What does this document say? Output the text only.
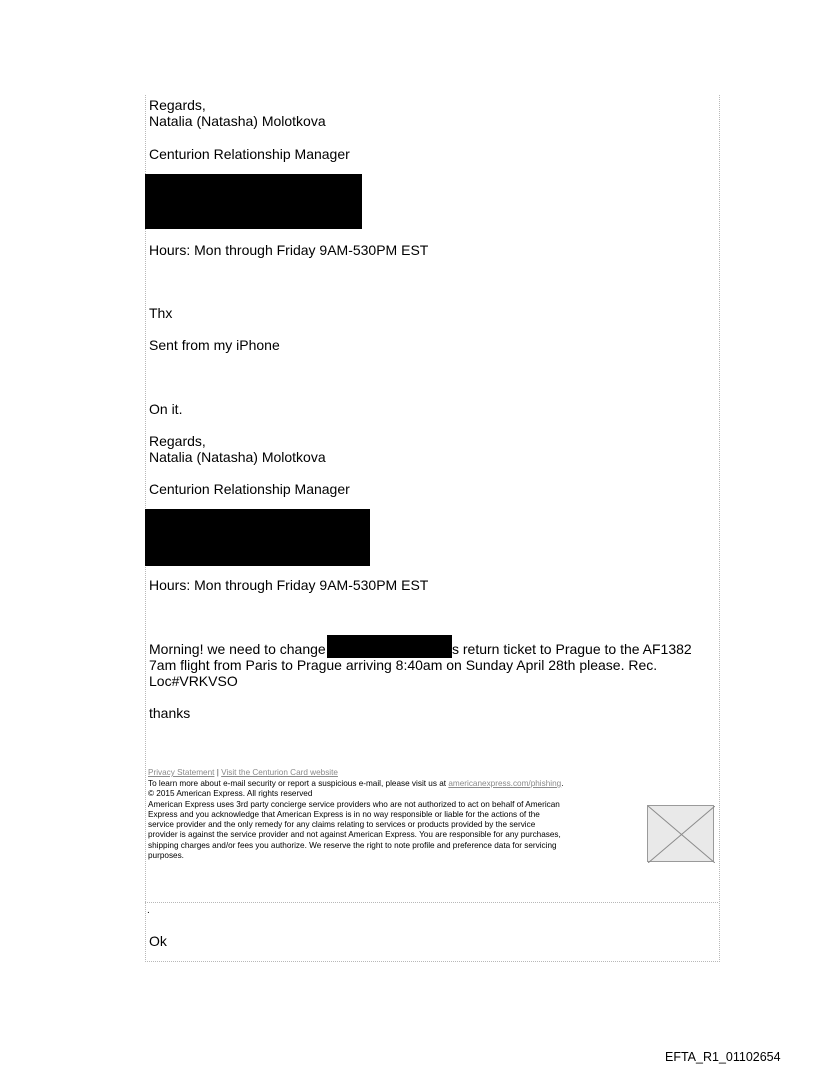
Regards,
Natalia (Natasha) Molotkova
Centurion Relationship Manager
Hours: Mon through Friday 9AM-530PM EST
Thx
Sent from my iPhone
On it.
Regards,
Natalia (Natasha) Molotkova
Centurion Relationship Manager
Hours: Mon through Friday 9AM-530PM EST
Morning! we need to change	s return ticket to Prague to the AF1382
7am flight from Paris to Prague arriving 8:40am on Sunday April 28th please. Rec.
Loc#VRKVSO
thanks
Privacy Statement | Visit the Centurion Card website
To learn more about e-mail security or report a suspicious e-mail, please visit us at americanexpress.com/phishing.
© 2015 American Express. All rights reserved
American Express uses 3rd party concierge service providers who are not authorized to act on behalf of American
Express and you acknowledge that American Express is in no way responsible or liable for the actions of the
service provider and the only remedy for any claims relating to services or products provided by the service
provider is against the service provider and not against American Express. You are responsible for any purchases,
shipping charges and/or fees you authorize. We reserve the right to note profile and preference data for servicing
purposes.
.
Ok
EFTA_R1_01102654
